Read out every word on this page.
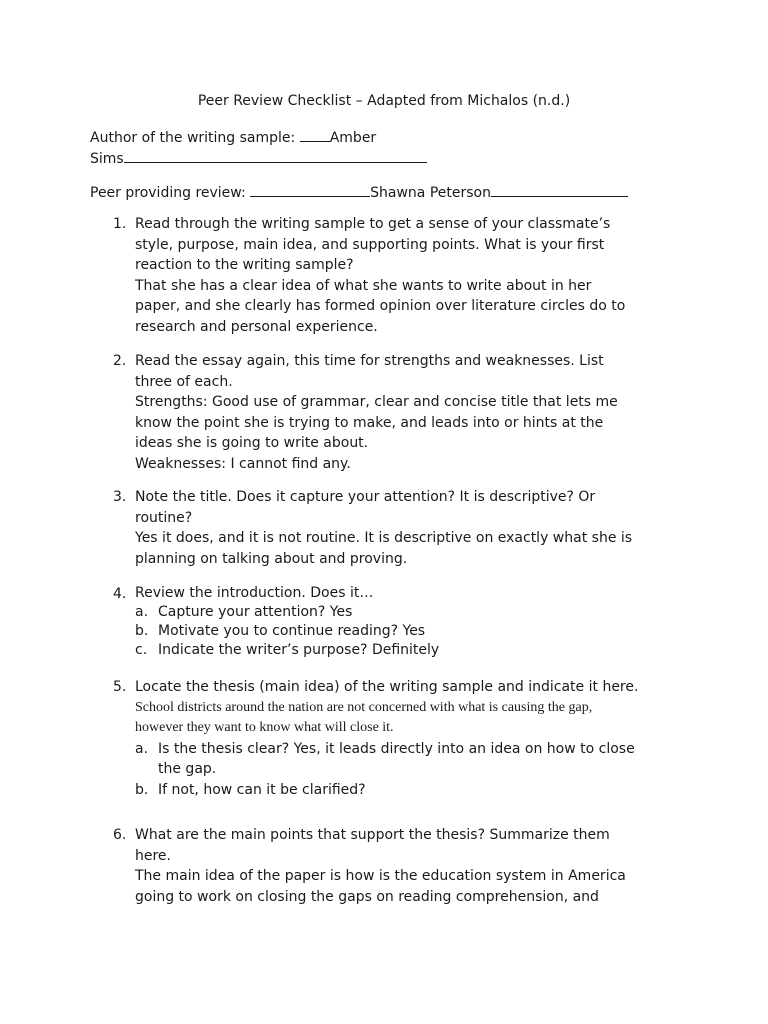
Peer Review Checklist – Adapted from Michalos (n.d.)
Author of the writing sample: Amber
Sims
Peer providing review:	Shawna Peterson
1. Read through the writing sample to get a sense of your classmate’s

style, purpose, main idea, and supporting points. What is your first

reaction to the writing sample?

That she has a clear idea of what she wants to write about in her

paper, and she clearly has formed opinion over literature circles do to

research and personal experience.

2. Read the essay again, this time for strengths and weaknesses. List

three of each.

Strengths: Good use of grammar, clear and concise title that lets me

know the point she is trying to make, and leads into or hints at the

ideas she is going to write about.

Weaknesses: I cannot find any.

3. Note the title. Does it capture your attention? It is descriptive? Or

routine?

Yes it does, and it is not routine. It is descriptive on exactly what she is

planning on talking about and proving.

4. Review the introduction. Does it…

a. Capture your attention? Yes

b. Motivate you to continue reading? Yes

c. Indicate the writer’s purpose? Definitely

5. Locate the thesis (main idea) of the writing sample and indicate it here.

School districts around the nation are not concerned with what is causing the gap,

however they want to know what will close it.

a. Is the thesis clear? Yes, it leads directly into an idea on how to close

the gap.

b. If not, how can it be clarified?

6. What are the main points that support the thesis? Summarize them

here.

The main idea of the paper is how is the education system in America

going to work on closing the gaps on reading comprehension, and
